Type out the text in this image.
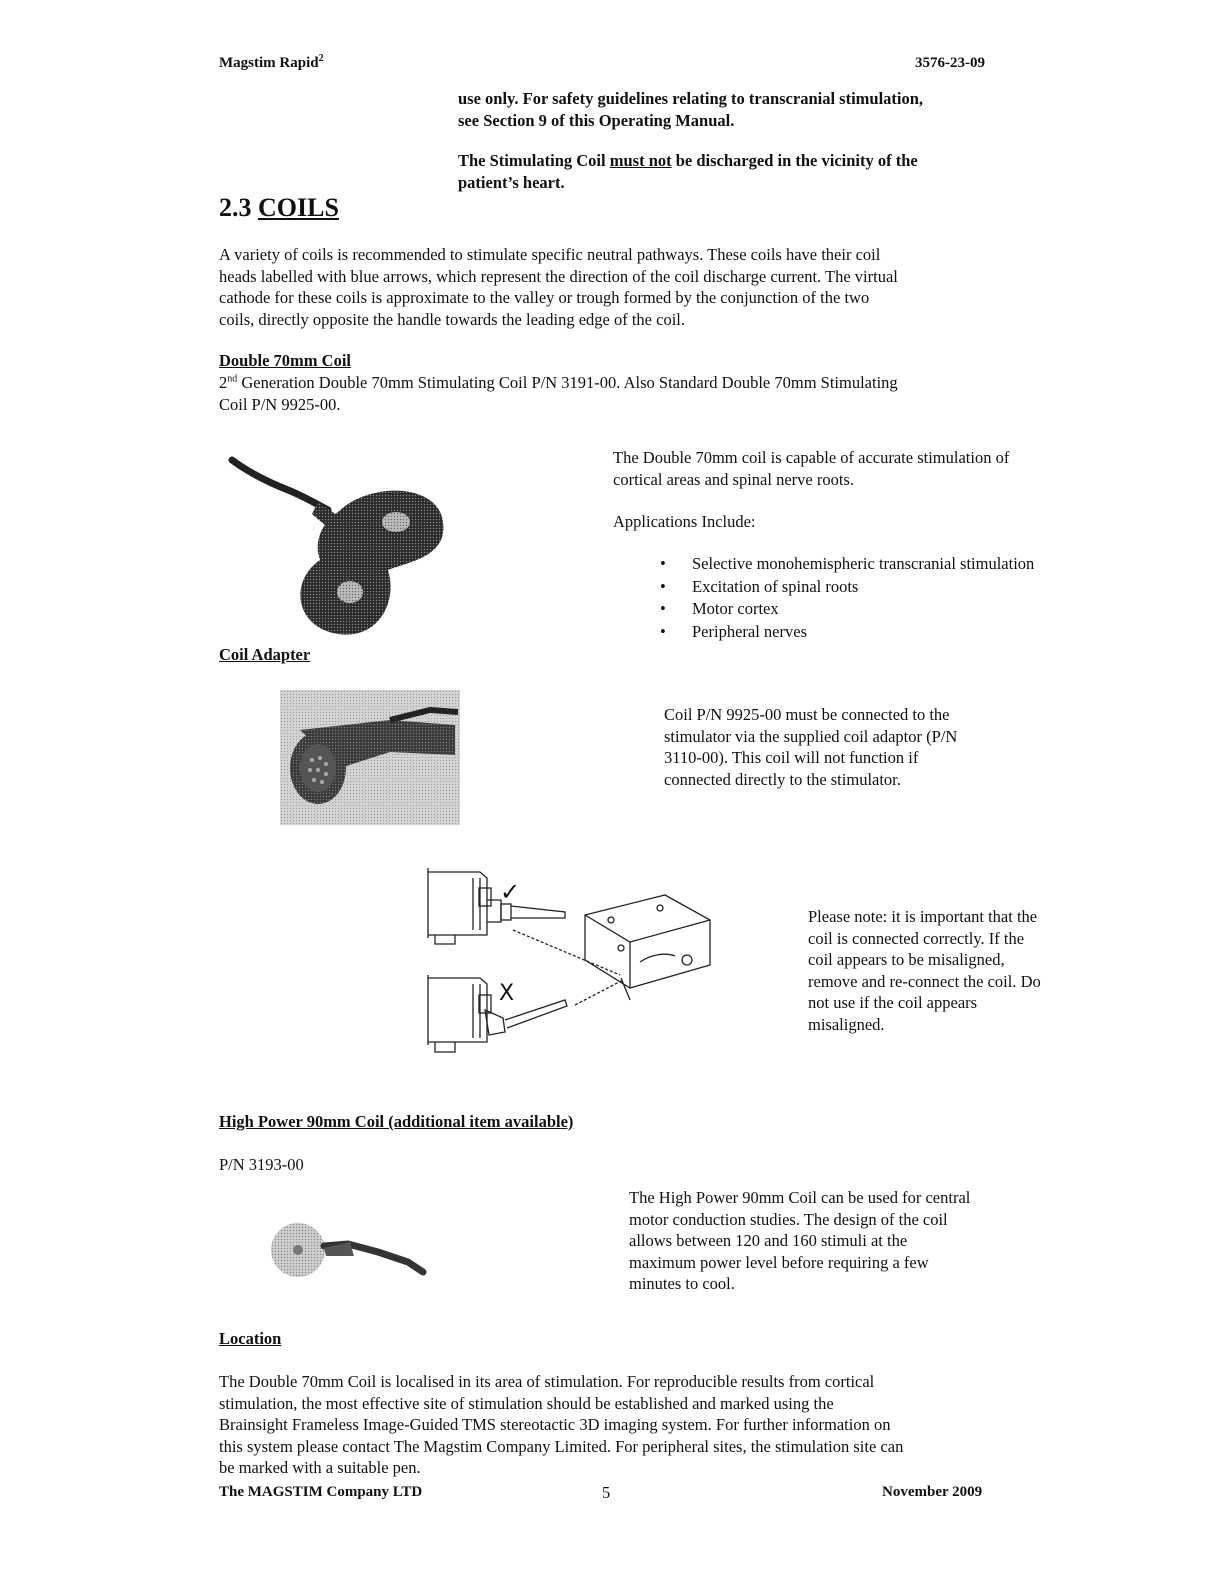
Magstim Rapid$^2$	3576-23-09
use only. For safety guidelines relating to transcranial stimulation,
see Section 9 of this Operating Manual.
The Stimulating Coil must not be discharged in the vicinity of the
patient’s heart.
2.3 COILS
A variety of coils is recommended to stimulate specific neutral pathways. These coils have their coil
heads labelled with blue arrows, which represent the direction of the coil discharge current. The virtual
cathode for these coils is approximate to the valley or trough formed by the conjunction of the two
coils, directly opposite the handle towards the leading edge of the coil.
Double 70mm Coil
2nd Generation Double 70mm Stimulating Coil P/N 3191-00. Also Standard Double 70mm Stimulating
Coil P/N 9925-00.
The Double 70mm coil is capable of accurate stimulation of
cortical areas and spinal nerve roots.
Applications Include:
• Selective monohemispheric transcranial stimulation
• Excitation of spinal roots
• Motor cortex
• Peripheral nerves
Coil Adapter
Coil P/N 9925-00 must be connected to the
stimulator via the supplied coil adaptor (P/N
3110-00). This coil will not function if
connected directly to the stimulator.
✓
X
Please note: it is important that the
coil is connected correctly. If the
coil appears to be misaligned,
remove and re-connect the coil. Do
not use if the coil appears
misaligned.
High Power 90mm Coil (additional item available)
P/N 3193-00
The High Power 90mm Coil can be used for central
motor conduction studies. The design of the coil
allows between 120 and 160 stimuli at the
maximum power level before requiring a few
minutes to cool.
Location
The Double 70mm Coil is localised in its area of stimulation. For reproducible results from cortical
stimulation, the most effective site of stimulation should be established and marked using the
Brainsight Frameless Image-Guided TMS stereotactic 3D imaging system. For further information on
this system please contact The Magstim Company Limited. For peripheral sites, the stimulation site can
be marked with a suitable pen.
The MAGSTIM Company LTD	5	November 2009
